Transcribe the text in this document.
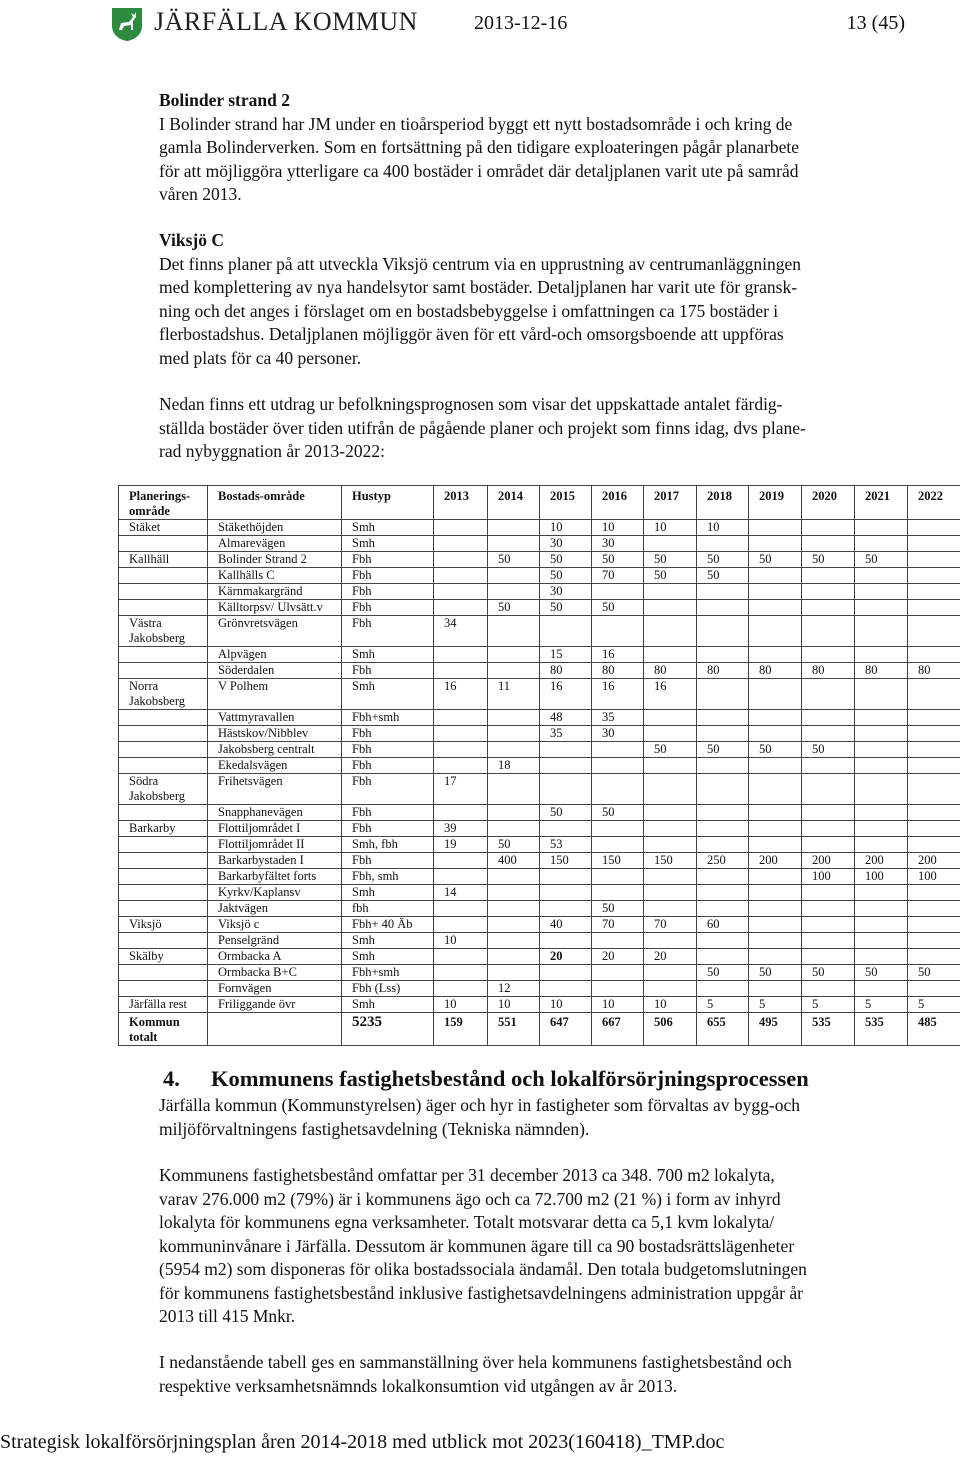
JÄRFÄLLA KOMMUN	2013-12-16	13 (45)

Bolinder strand 2

I Bolinder strand har JM under en tioårsperiod byggt ett nytt bostadsområde i och kring de

gamla Bolinderverken. Som en fortsättning på den tidigare exploateringen pågår planarbete

för att möjliggöra ytterligare ca 400 bostäder i området där detaljplanen varit ute på samråd

våren 2013.

Viksjö C

Det finns planer på att utveckla Viksjö centrum via en upprustning av centrumanläggningen

med komplettering av nya handelsytor samt bostäder. Detaljplanen har varit ute för gransk-

ning och det anges i förslaget om en bostadsbebyggelse i omfattningen ca 175 bostäder i

flerbostadshus. Detaljplanen möjliggör även för ett vård-och omsorgsboende att uppföras

med plats för ca 40 personer.

Nedan finns ett utdrag ur befolkningsprognosen som visar det uppskattade antalet färdig-

ställda bostäder över tiden utifrån de pågående planer och projekt som finns idag, dvs plane-

rad nybyggnation år 2013-2022:

Planerings-område	Bostads-område	Hustyp	2013	2014	2015	2016	2017	2018	2019	2020	2021	2022
Stäket	Stäkethöjden	Smh			10	10	10	10				
	Almarevägen	Smh			30	30						
Kallhäll	Bolinder Strand 2	Fbh		50	50	50	50	50	50	50	50	
	Kallhälls C	Fbh			50	70	50	50				
	Kärnmakargränd	Fbh			30							
	Källtorpsv/ Ulvsätt.v	Fbh		50	50	50						
Västra Jakobsberg	Grönvretsvägen	Fbh	34									
	Alpvägen	Smh			15	16						
	Söderdalen	Fbh			80	80	80	80	80	80	80	80
Norra Jakobsberg	V Polhem	Smh	16	11	16	16	16					
	Vattmyravallen	Fbh+smh			48	35						
	Hästskov/Nibblev	Fbh			35	30						
	Jakobsberg centralt	Fbh					50	50	50	50		
	Ekedalsvägen	Fbh		18								
Södra Jakobsberg	Frihetsvägen	Fbh	17									
	Snapphanevägen	Fbh			50	50						
Barkarby	Flottiljområdet I	Fbh	39									
	Flottiljområdet II	Smh, fbh	19	50	53							
	Barkarbystaden I	Fbh		400	150	150	150	250	200	200	200	200
	Barkarbyfältet forts	Fbh, smh								100	100	100
	Kyrkv/Kaplansv	Smh	14									
	Jaktvägen	fbh				50						
Viksjö	Viksjö c	Fbh+ 40 Äb			40	70	70	60				
	Penselgränd	Smh	10									
Skälby	Ormbacka A	Smh			20	20	20					
	Ormbacka B+C	Fbh+smh						50	50	50	50	50
	Fornvägen	Fbh (Lss)		12								
Järfälla rest	Friliggande övr	Smh	10	10	10	10	10	5	5	5	5	5
Kommun totalt		5235	159	551	647	667	506	655	495	535	535	485
4. Kommunens fastighetsbestånd och lokalförsörjningsprocessen

Järfälla kommun (Kommunstyrelsen) äger och hyr in fastigheter som förvaltas av bygg-och

miljöförvaltningens fastighetsavdelning (Tekniska nämnden).

Kommunens fastighetsbestånd omfattar per 31 december 2013 ca 348. 700 m2 lokalyta,

varav 276.000 m2 (79%) är i kommunens ägo och ca 72.700 m2 (21 %) i form av inhyrd

lokalyta för kommunens egna verksamheter. Totalt motsvarar detta ca 5,1 kvm lokalyta/

kommuninvånare i Järfälla. Dessutom är kommunen ägare till ca 90 bostadsrättslägenheter

(5954 m2) som disponeras för olika bostadssociala ändamål. Den totala budgetomslutningen

för kommunens fastighetsbestånd inklusive fastighetsavdelningens administration uppgår år

2013 till 415 Mnkr.

I nedanstående tabell ges en sammanställning över hela kommunens fastighetsbestånd och

respektive verksamhetsnämnds lokalkonsumtion vid utgången av år 2013.

Strategisk lokalförsörjningsplan åren 2014-2018 med utblick mot 2023(160418)_TMP.doc
